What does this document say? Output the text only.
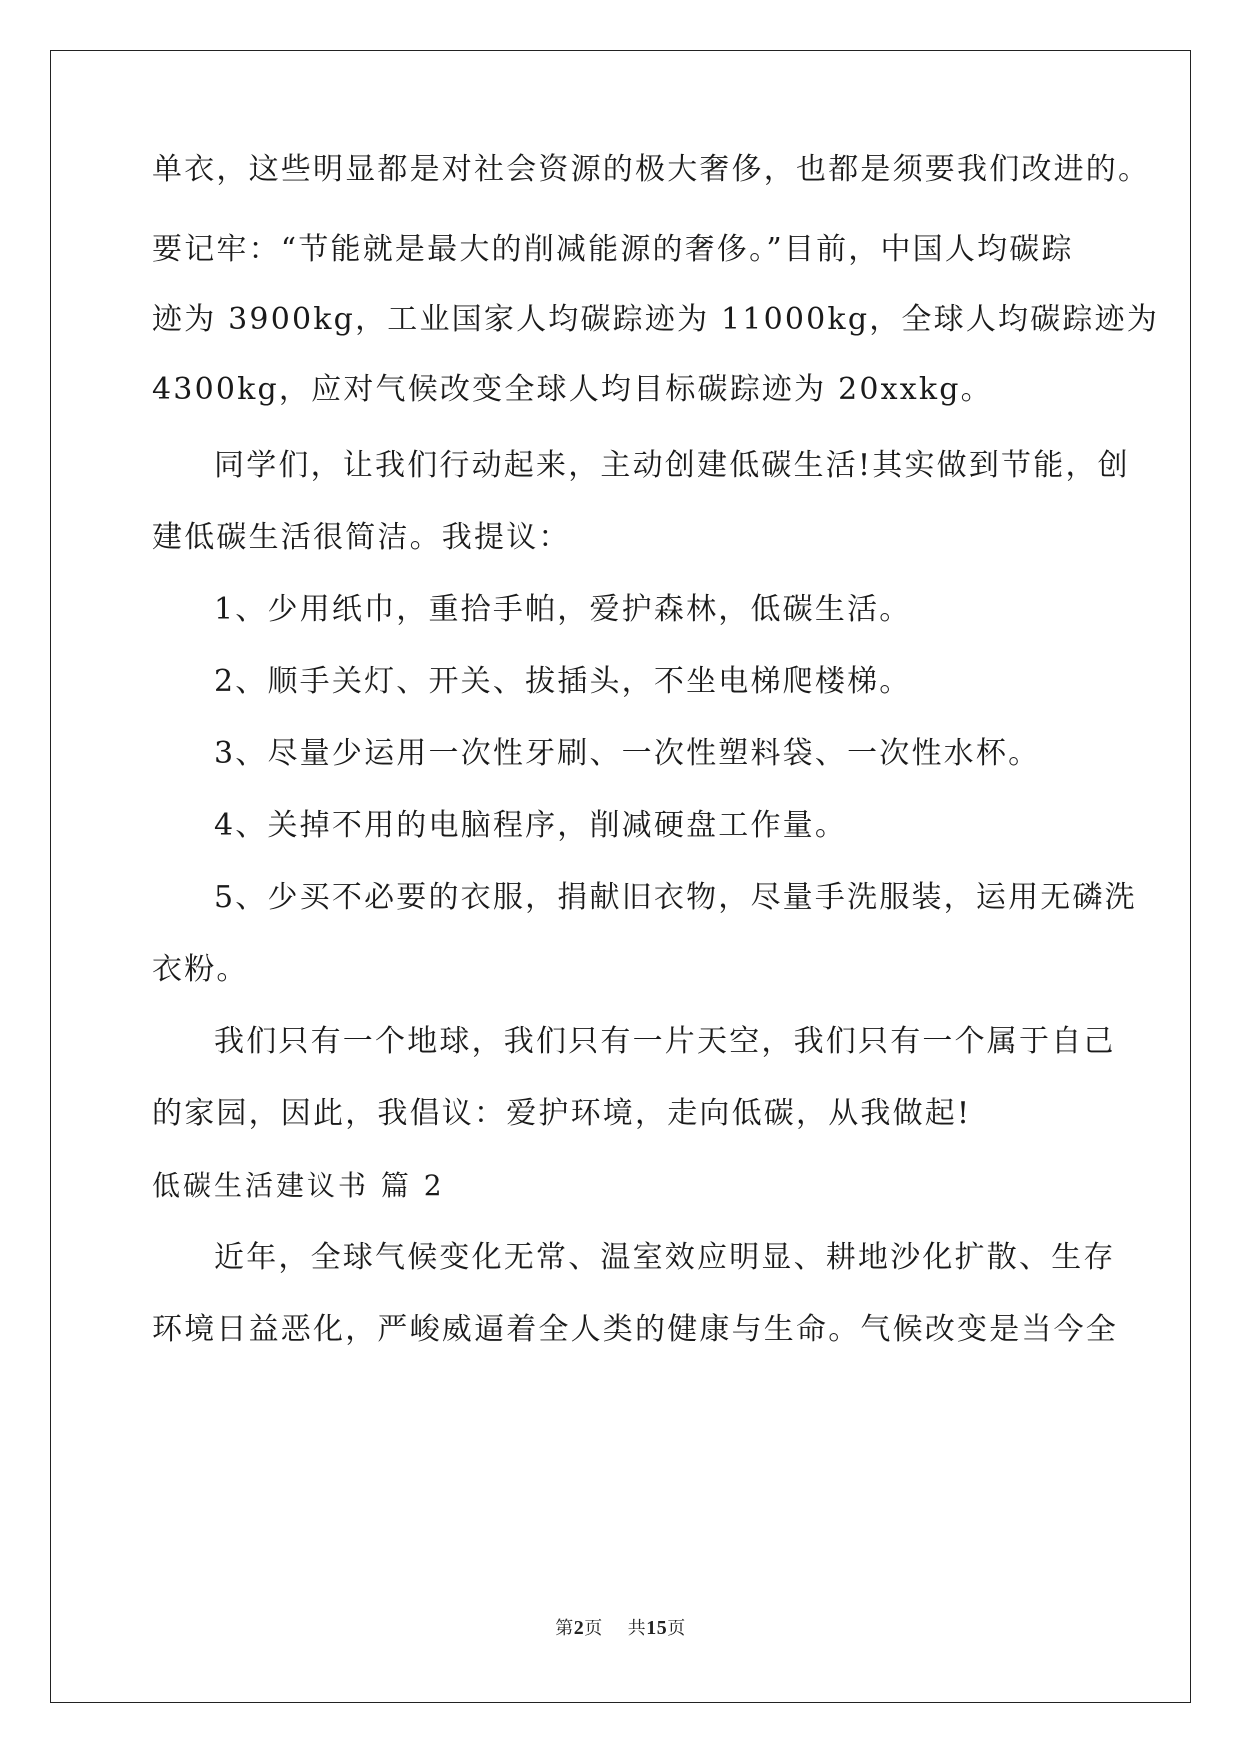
单衣，这些明显都是对社会资源的极大奢侈，也都是须要我们改进的。
要记牢：“节能就是最大的削减能源的奢侈。”目前，中国人均碳踪
迹为 3900kg，工业国家人均碳踪迹为 11000kg，全球人均碳踪迹为
4300kg，应对气候改变全球人均目标碳踪迹为 20xxkg。
同学们，让我们行动起来，主动创建低碳生活!其实做到节能，创
建低碳生活很简洁。我提议：
1、少用纸巾，重拾手帕，爱护森林，低碳生活。
2、顺手关灯、开关、拔插头，不坐电梯爬楼梯。
3、尽量少运用一次性牙刷、一次性塑料袋、一次性水杯。
4、关掉不用的电脑程序，削减硬盘工作量。
5、少买不必要的衣服，捐献旧衣物，尽量手洗服装，运用无磷洗
衣粉。
我们只有一个地球，我们只有一片天空，我们只有一个属于自己
的家园，因此，我倡议：爱护环境，走向低碳，从我做起!
低碳生活建议书 篇 2
近年，全球气候变化无常、温室效应明显、耕地沙化扩散、生存
环境日益恶化，严峻威逼着全人类的健康与生命。气候改变是当今全
第2页    共15页
